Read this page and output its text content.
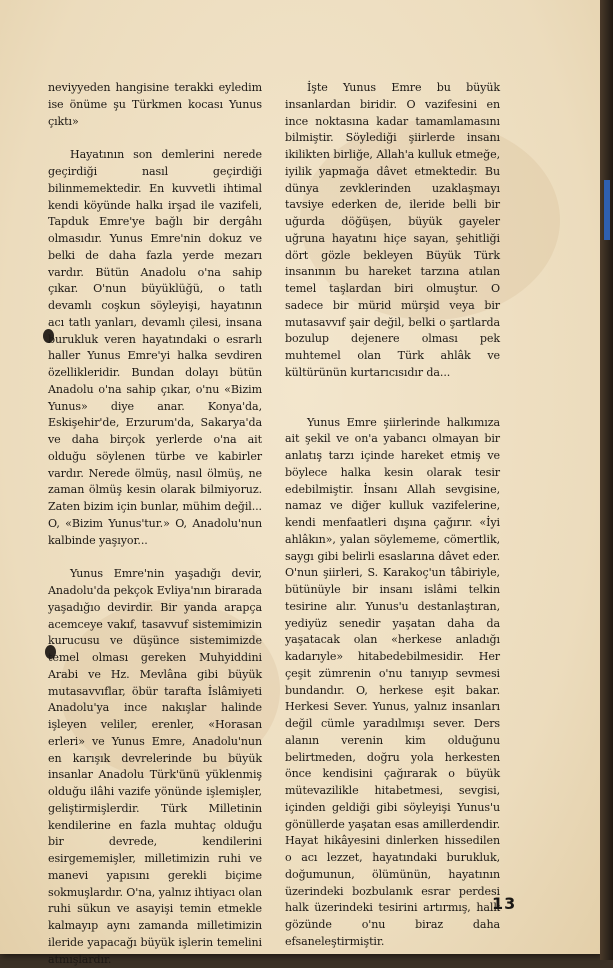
neviyyeden hangisine terakki eyledim ise önüme şu Türkmen kocası Yunus çıktı»

Hayatının son demlerini nerede geçirdiği nasıl geçirdiği bilinmemektedir. En kuvvetli ihtimal kendi köyünde halkı irşad ile vazifeli, Tapduk Emre'ye bağlı bir dergâhı olmasıdır. Yunus Emre'nin dokuz ve belki de daha fazla yerde mezarı vardır. Bütün Anadolu o'na sahip çıkar. O'nun büyüklüğü, o tatlı devamlı coşkun söyleyişi, hayatının acı tatlı yanları, devamlı çilesi, insana burukluk veren hayatındaki o esrarlı haller Yunus Emre'yi halka sevdiren özellikleridir. Bundan dolayı bütün Anadolu o'na sahip çıkar, o'nu «Bizim Yunus» diye anar. Konya'da, Eskişehir'de, Erzurum'da, Sakarya'da ve daha birçok yerlerde o'na ait olduğu söylenen türbe ve kabirler vardır. Nerede ölmüş, nasıl ölmüş, ne zaman ölmüş kesin olarak bilmiyoruz. Zaten bizim için bunlar, mühim değil... O, «Bizim Yunus'tur.» O, Anadolu'nun kalbinde yaşıyor...

Yunus Emre'nin yaşadığı devir, Anadolu'da pekçok Evliya'nın birarada yaşadığıo devirdir. Bir yanda arapça acemceye vakıf, tasavvuf sistemimizin kurucusu ve düşünce sistemimizde temel olması gereken Muhyiddini Arabi ve Hz. Mevlâna gibi büyük mutasavvıflar, öbür tarafta İslâmiyeti Anadolu'ya ince nakışlar halinde işleyen veliler, erenler, «Horasan erleri» ve Yunus Emre, Anadolu'nun en karışık devrelerinde bu büyük insanlar Anadolu Türk'ünü yüklenmiş olduğu ilâhi vazife yönünde işlemişler, geliştirmişlerdir. Türk Milletinin kendilerine en fazla muhtaç olduğu bir devrede, kendilerini esirgememişler, milletimizin ruhi ve manevi yapısını gerekli biçime sokmuşlardır. O'na, yalnız ihtiyacı olan ruhi sükun ve asayişi temin etmekle kalmayıp aynı zamanda milletimizin ileride yapacağı büyük işlerin temelini atmışlardır.

İşte Yunus Emre bu büyük insanlardan biridir. O vazifesini en ince noktasına kadar tamamlamasını bilmiştir. Söylediği şiirlerde insanı ikilikten birliğe, Allah'a kulluk etmeğe, iyilik yapmağa dâvet etmektedir. Bu dünya zevklerinden uzaklaşmayı tavsiye ederken de, ileride belli bir uğurda döğüşen, büyük gayeler uğruna hayatını hiçe sayan, şehitliği dört gözle bekleyen Büyük Türk insanının bu hareket tarzına atılan temel taşlardan biri olmuştur. O sadece bir mürid mürşid veya bir mutasavvıf şair değil, belki o şartlarda bozulup dejenere olması pek muhtemel olan Türk ahlâk ve kültürünün kurtarıcısıdır da...

Yunus Emre şiirlerinde halkımıza ait şekil ve on'a yabancı olmayan bir anlatış tarzı içinde hareket etmiş ve böylece halka kesin olarak tesir edebilmiştir. İnsanı Allah sevgisine, namaz ve diğer kulluk vazifelerine, kendi menfaatleri dışına çağırır. «İyi ahlâkın», yalan söylememe, cömertlik, saygı gibi belirli esaslarına dâvet eder. O'nun şiirleri, S. Karakoç'un tâbiriyle, bütünüyle bir insanı islâmi telkin tesirine alır. Yunus'u destanlaştıran, yediyüz senedir yaşatan daha da yaşatacak olan «herkese anladığı kadarıyle» hitabedebilmesidir. Her çeşit zümrenin o'nu tanıyıp sevmesi bundandır. O, herkese eşit bakar. Herkesi Sever. Yunus, yalnız insanları değil cümle yaradılmışı sever. Ders alanın verenin kim olduğunu belirtmeden, doğru yola herkesten önce kendisini çağırarak o büyük mütevazilikle hitabetmesi, sevgisi, içinden geldiği gibi söyleyişi Yunus'u gönüllerde yaşatan esas amillerdendir. Hayat hikâyesini dinlerken hissedilen o acı lezzet, hayatındaki burukluk, doğumunun, ölümünün, hayatının üzerindeki bozbulanık esrar perdesi halk üzerindeki tesirini artırmış, halk gözünde o'nu biraz daha efsaneleştirmiştir.

13
